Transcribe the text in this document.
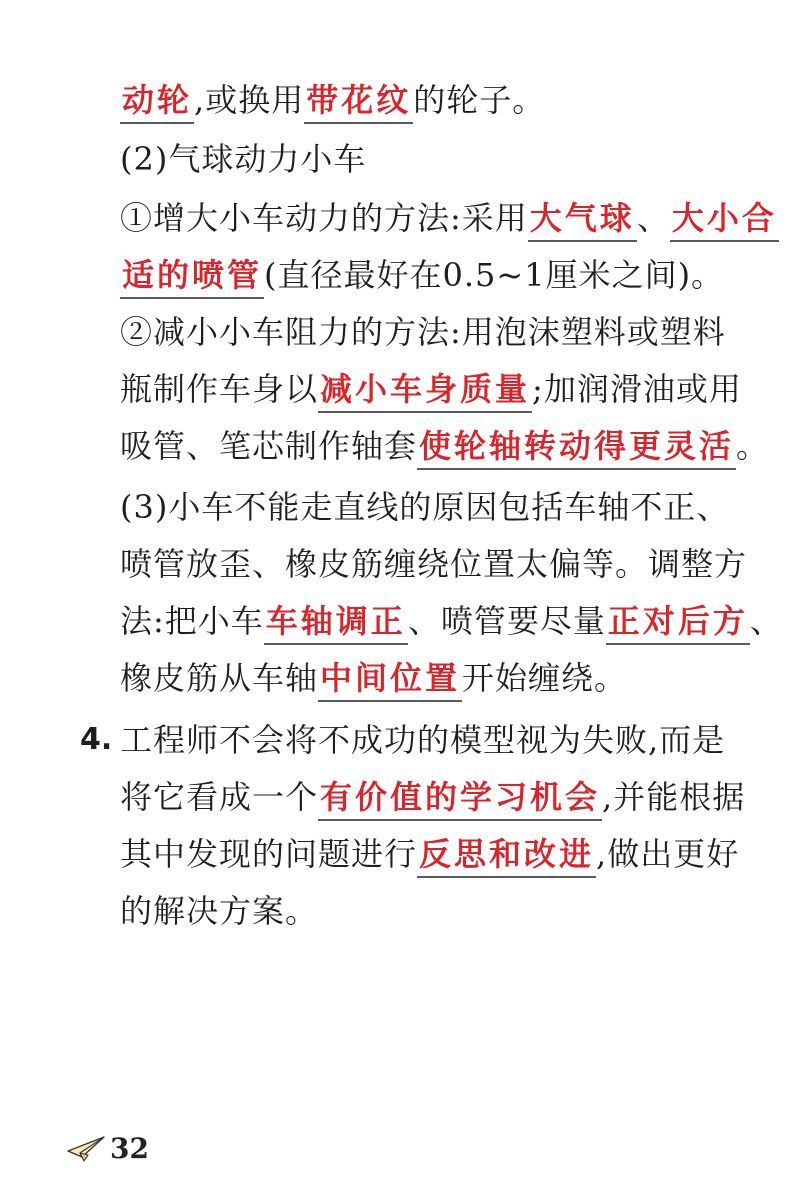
动轮,或换用带花纹的轮子。
(2)气球动力小车
①增大小车动力的方法:采用大气球、大小合
适的喷管(直径最好在0.5~1厘米之间)。
②减小小车阻力的方法:用泡沫塑料或塑料
瓶制作车身以减小车身质量;加润滑油或用
吸管、笔芯制作轴套使轮轴转动得更灵活。
(3)小车不能走直线的原因包括车轴不正、
喷管放歪、橡皮筋缠绕位置太偏等。调整方
法:把小车车轴调正、喷管要尽量正对后方、
橡皮筋从车轴中间位置开始缠绕。
4. 工程师不会将不成功的模型视为失败,而是
将它看成一个有价值的学习机会,并能根据
其中发现的问题进行反思和改进,做出更好
的解决方案。
32
